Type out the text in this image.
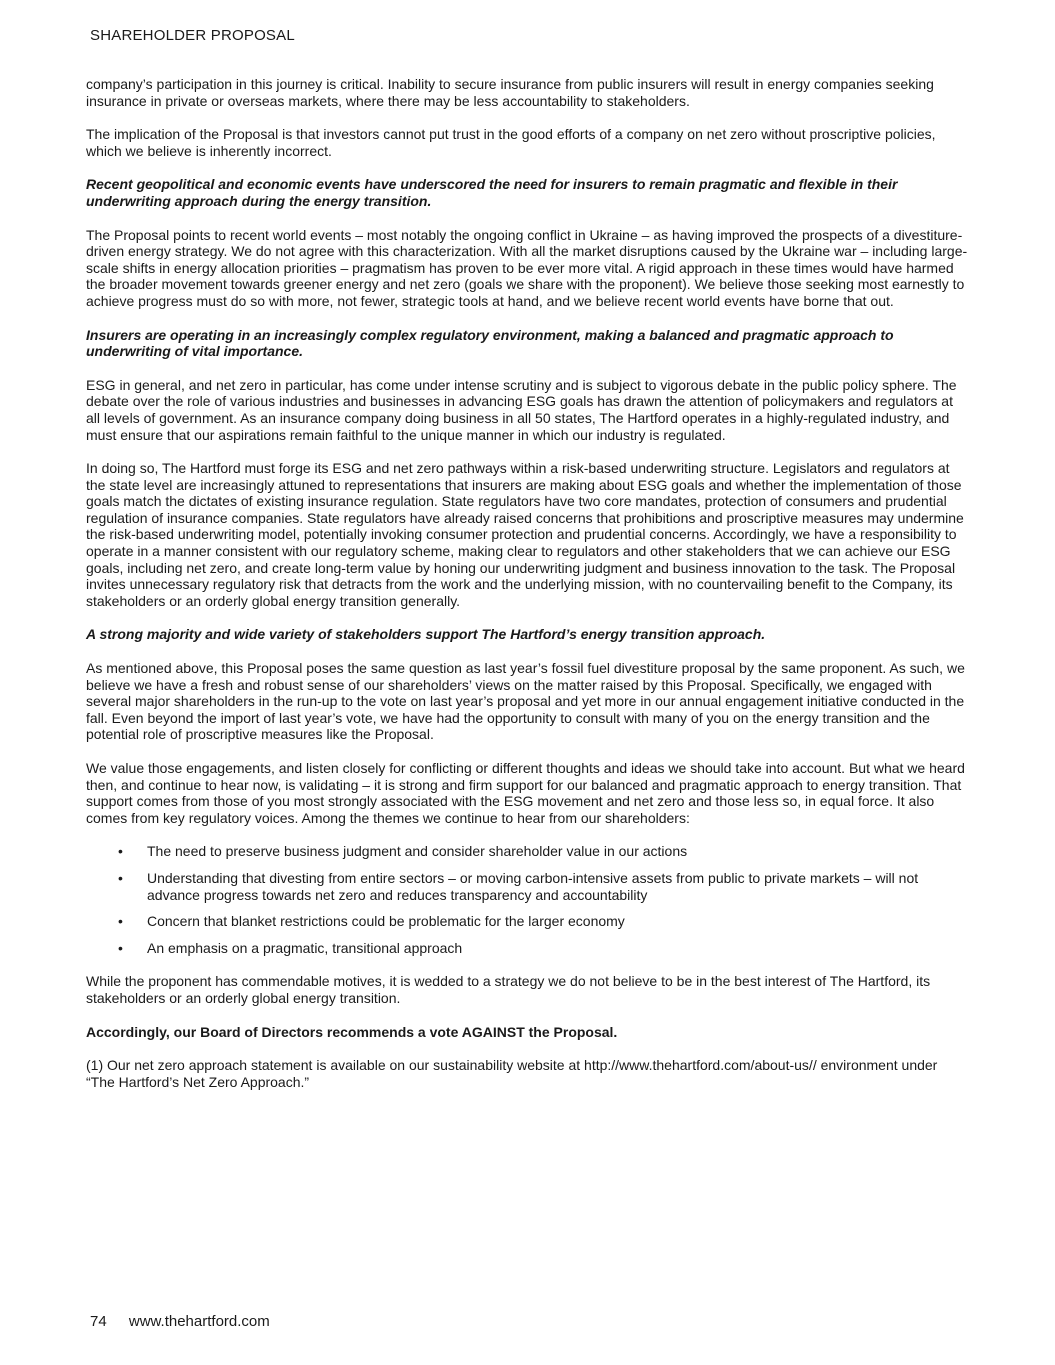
SHAREHOLDER PROPOSAL

company’s participation in this journey is critical. Inability to secure insurance from public insurers will result in energy companies seeking insurance in private or overseas markets, where there may be less accountability to stakeholders.

The implication of the Proposal is that investors cannot put trust in the good efforts of a company on net zero without proscriptive policies, which we believe is inherently incorrect.

Recent geopolitical and economic events have underscored the need for insurers to remain pragmatic and flexible in their underwriting approach during the energy transition.

The Proposal points to recent world events – most notably the ongoing conflict in Ukraine – as having improved the prospects of a divestiture-driven energy strategy. We do not agree with this characterization. With all the market disruptions caused by the Ukraine war – including large-scale shifts in energy allocation priorities – pragmatism has proven to be ever more vital. A rigid approach in these times would have harmed the broader movement towards greener energy and net zero (goals we share with the proponent). We believe those seeking most earnestly to achieve progress must do so with more, not fewer, strategic tools at hand, and we believe recent world events have borne that out.

Insurers are operating in an increasingly complex regulatory environment, making a balanced and pragmatic approach to underwriting of vital importance.

ESG in general, and net zero in particular, has come under intense scrutiny and is subject to vigorous debate in the public policy sphere. The debate over the role of various industries and businesses in advancing ESG goals has drawn the attention of policymakers and regulators at all levels of government. As an insurance company doing business in all 50 states, The Hartford operates in a highly-regulated industry, and must ensure that our aspirations remain faithful to the unique manner in which our industry is regulated.

In doing so, The Hartford must forge its ESG and net zero pathways within a risk-based underwriting structure. Legislators and regulators at the state level are increasingly attuned to representations that insurers are making about ESG goals and whether the implementation of those goals match the dictates of existing insurance regulation. State regulators have two core mandates, protection of consumers and prudential regulation of insurance companies. State regulators have already raised concerns that prohibitions and proscriptive measures may undermine the risk-based underwriting model, potentially invoking consumer protection and prudential concerns. Accordingly, we have a responsibility to operate in a manner consistent with our regulatory scheme, making clear to regulators and other stakeholders that we can achieve our ESG goals, including net zero, and create long-term value by honing our underwriting judgment and business innovation to the task. The Proposal invites unnecessary regulatory risk that detracts from the work and the underlying mission, with no countervailing benefit to the Company, its stakeholders or an orderly global energy transition generally.

A strong majority and wide variety of stakeholders support The Hartford’s energy transition approach.

As mentioned above, this Proposal poses the same question as last year’s fossil fuel divestiture proposal by the same proponent. As such, we believe we have a fresh and robust sense of our shareholders’ views on the matter raised by this Proposal. Specifically, we engaged with several major shareholders in the run-up to the vote on last year’s proposal and yet more in our annual engagement initiative conducted in the fall. Even beyond the import of last year’s vote, we have had the opportunity to consult with many of you on the energy transition and the potential role of proscriptive measures like the Proposal.

We value those engagements, and listen closely for conflicting or different thoughts and ideas we should take into account. But what we heard then, and continue to hear now, is validating – it is strong and firm support for our balanced and pragmatic approach to energy transition. That support comes from those of you most strongly associated with the ESG movement and net zero and those less so, in equal force. It also comes from key regulatory voices. Among the themes we continue to hear from our shareholders:

• The need to preserve business judgment and consider shareholder value in our actions
• Understanding that divesting from entire sectors – or moving carbon-intensive assets from public to private markets – will not advance progress towards net zero and reduces transparency and accountability
• Concern that blanket restrictions could be problematic for the larger economy
• An emphasis on a pragmatic, transitional approach

While the proponent has commendable motives, it is wedded to a strategy we do not believe to be in the best interest of The Hartford, its stakeholders or an orderly global energy transition.

Accordingly, our Board of Directors recommends a vote AGAINST the Proposal.

(1) Our net zero approach statement is available on our sustainability website at http://www.thehartford.com/about-us// environment under “The Hartford’s Net Zero Approach.”

74 www.thehartford.com
